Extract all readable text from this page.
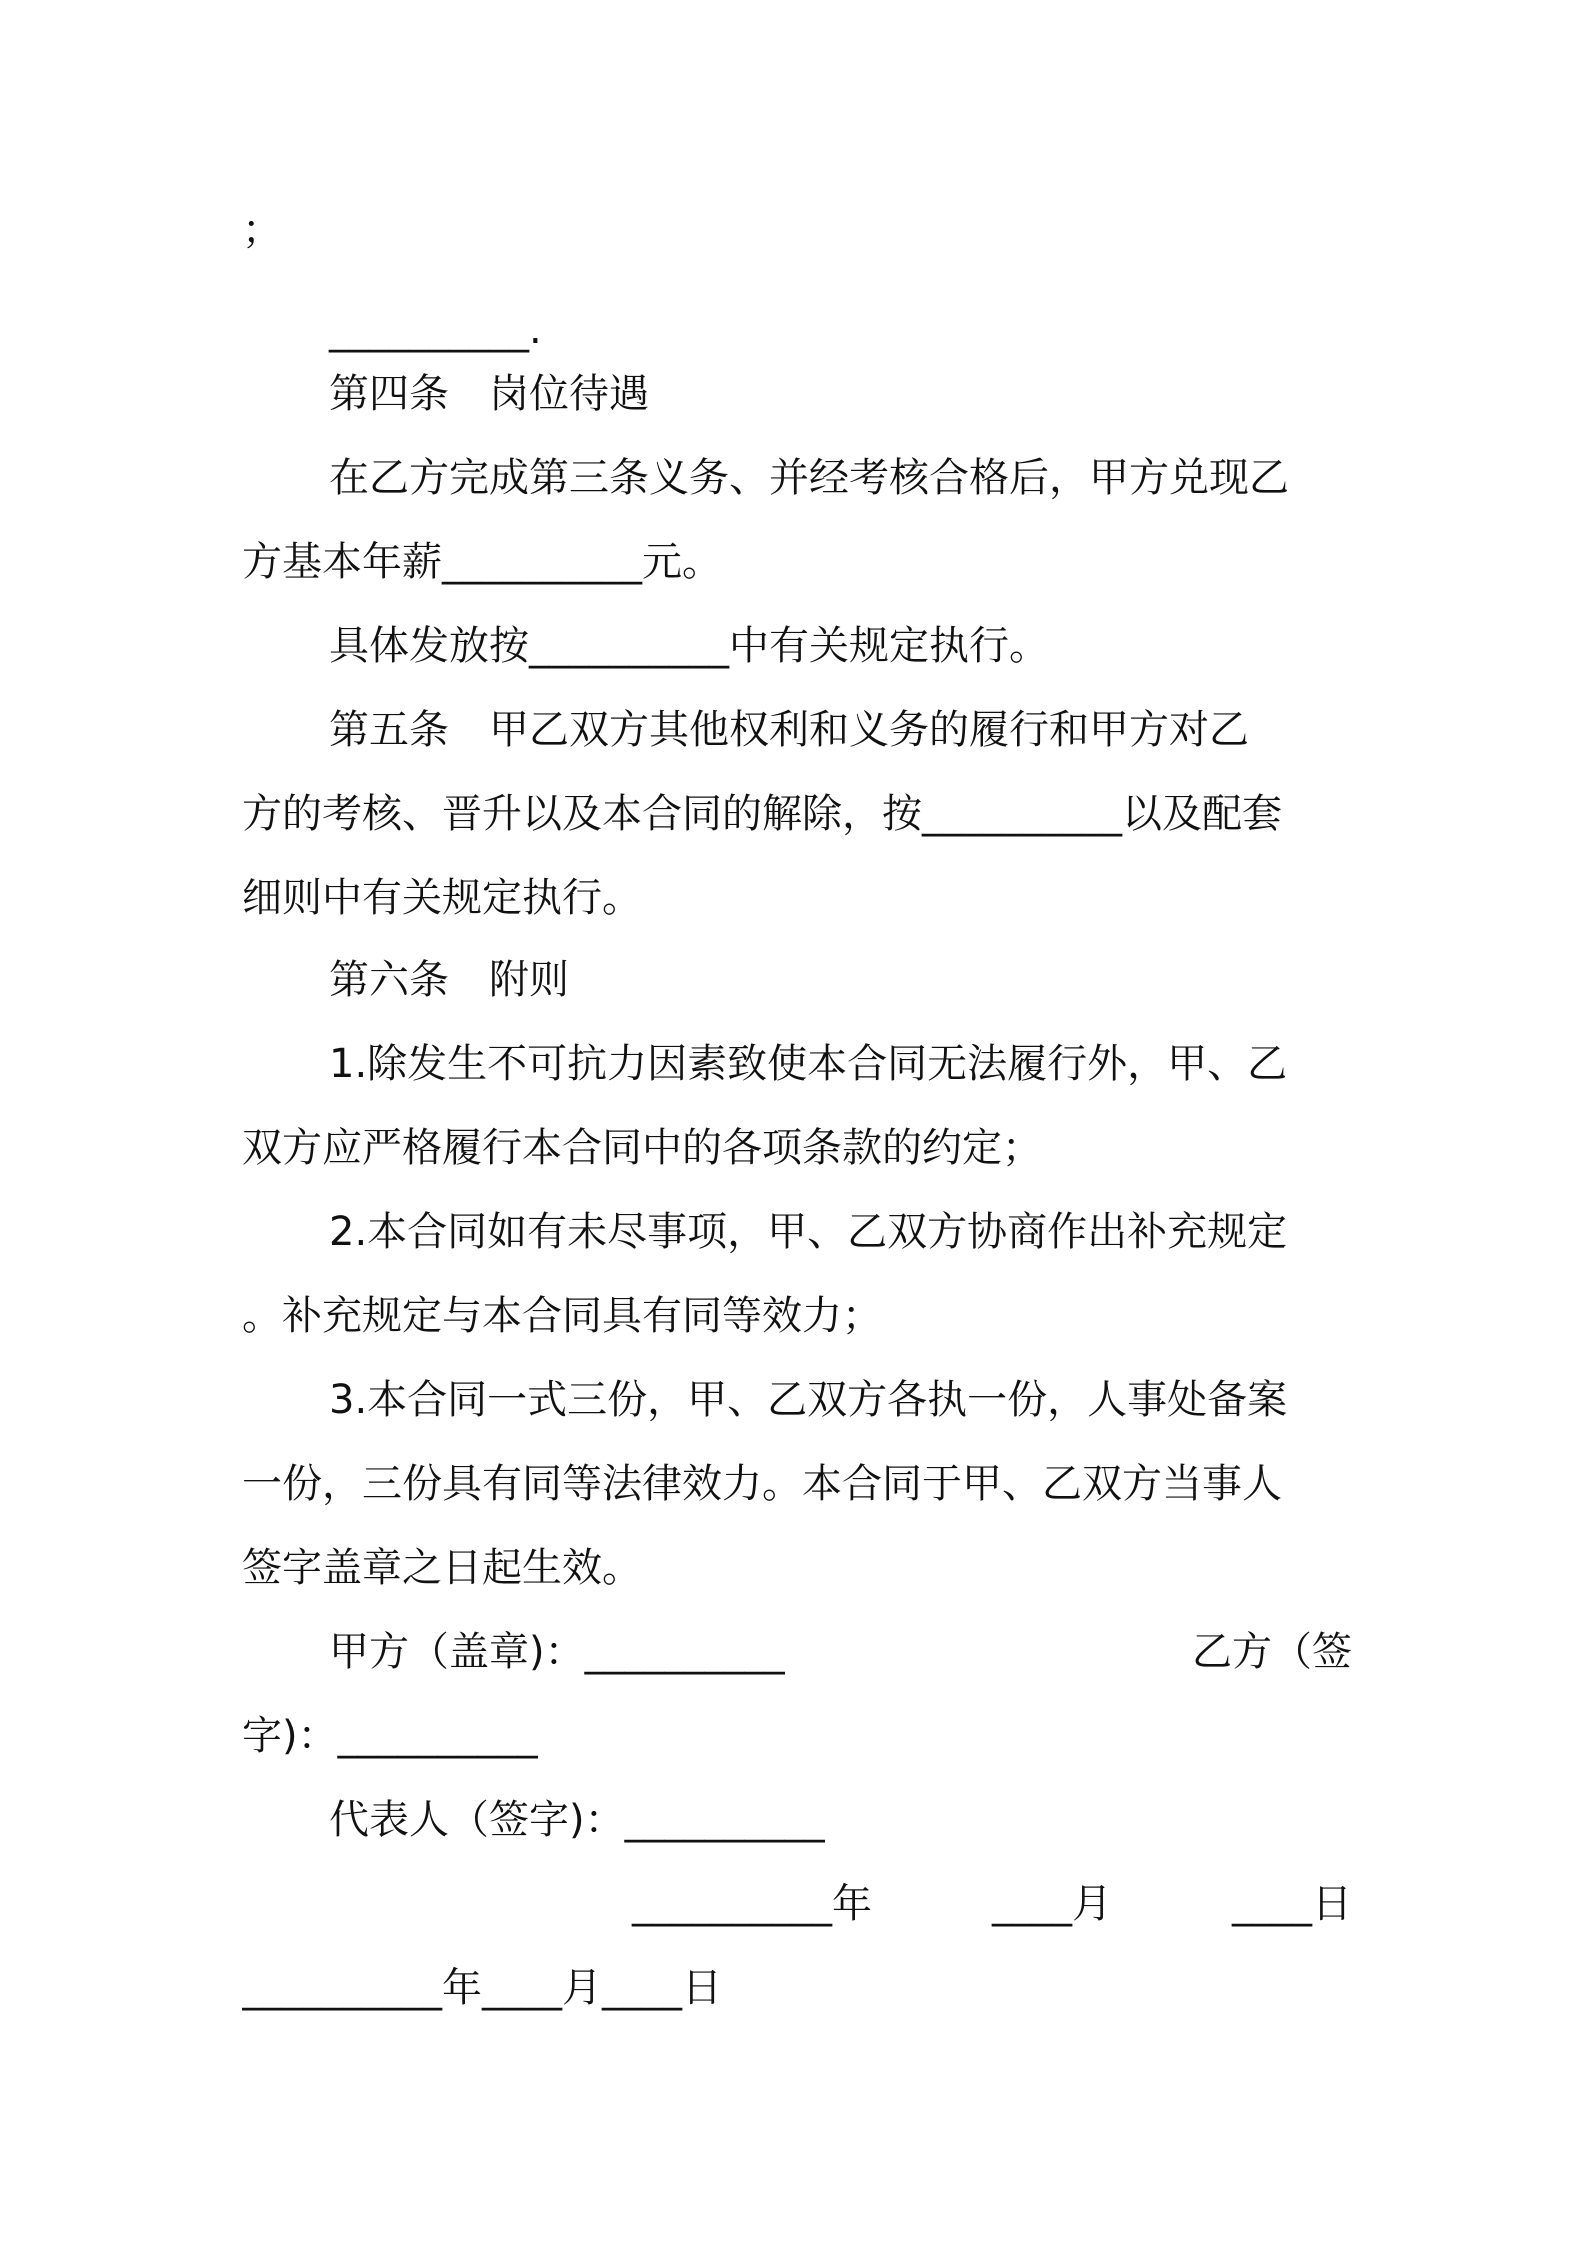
；
__________.
第四条　岗位待遇
在乙方完成第三条义务、并经考核合格后，甲方兑现乙
方基本年薪__________元。
具体发放按__________中有关规定执行。
第五条　甲乙双方其他权利和义务的履行和甲方对乙
方的考核、晋升以及本合同的解除，按__________以及配套
细则中有关规定执行。
第六条　附则
1.除发生不可抗力因素致使本合同无法履行外，甲、乙
双方应严格履行本合同中的各项条款的约定；
2.本合同如有未尽事项，甲、乙双方协商作出补充规定
。补充规定与本合同具有同等效力；
3.本合同一式三份，甲、乙双方各执一份，人事处备案
一份，三份具有同等法律效力。本合同于甲、乙双方当事人
签字盖章之日起生效。
甲方（盖章)：__________	乙方（签
字)：__________
代表人（签字)：__________
__________年　　　____月　　　____日
__________年____月____日
